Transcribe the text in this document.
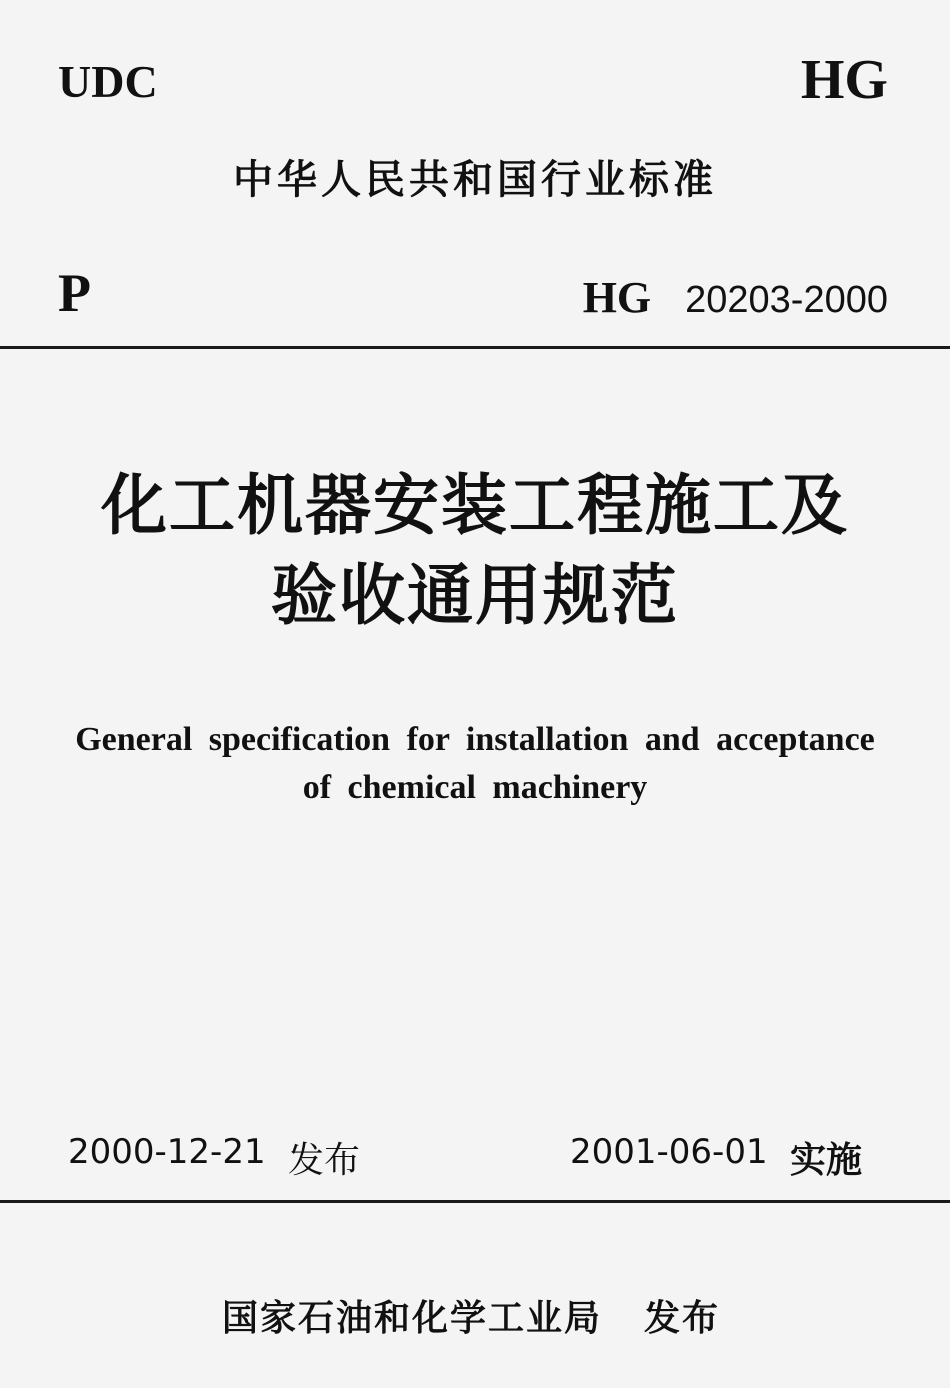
UDC	HG
中华人民共和国行业标准
P	HG 20203-2000
化工机器安装工程施工及
验收通用规范
General specification for installation and acceptance
of chemical machinery
2000-12-21 发布	2001-06-01 实施
国家石油和化学工业局 发布
